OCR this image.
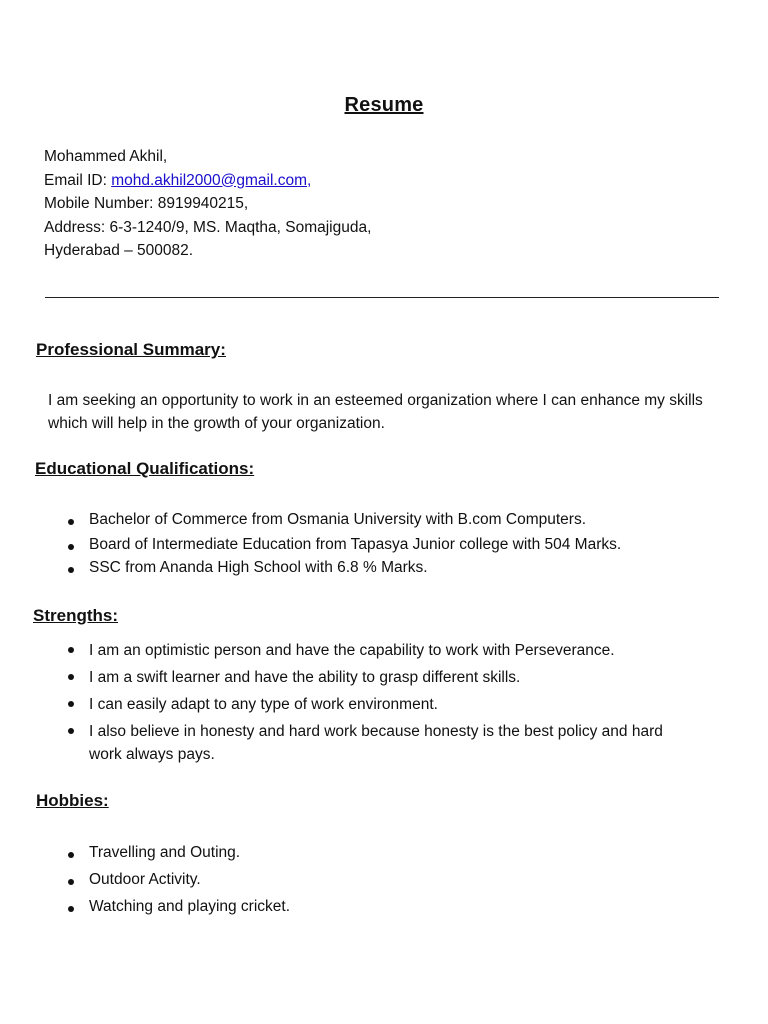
Resume
Mohammed Akhil,
Email ID: mohd.akhil2000@gmail.com,
Mobile Number: 8919940215,
Address: 6-3-1240/9, MS. Maqtha, Somajiguda,
Hyderabad – 500082.
Professional Summary:
I am seeking an opportunity to work in an esteemed organization where I can enhance my skills which will help in the growth of your organization.
Educational Qualifications:
Bachelor of Commerce from Osmania University with B.com Computers.
Board of Intermediate Education from Tapasya Junior college with 504 Marks.
SSC from Ananda High School with 6.8 % Marks.
Strengths:
I am an optimistic person and have the capability to work with Perseverance.
I am a swift learner and have the ability to grasp different skills.
I can easily adapt to any type of work environment.
I also believe in honesty and hard work because honesty is the best policy and hard work always pays.
Hobbies:
Travelling and Outing.
Outdoor Activity.
Watching and playing cricket.
